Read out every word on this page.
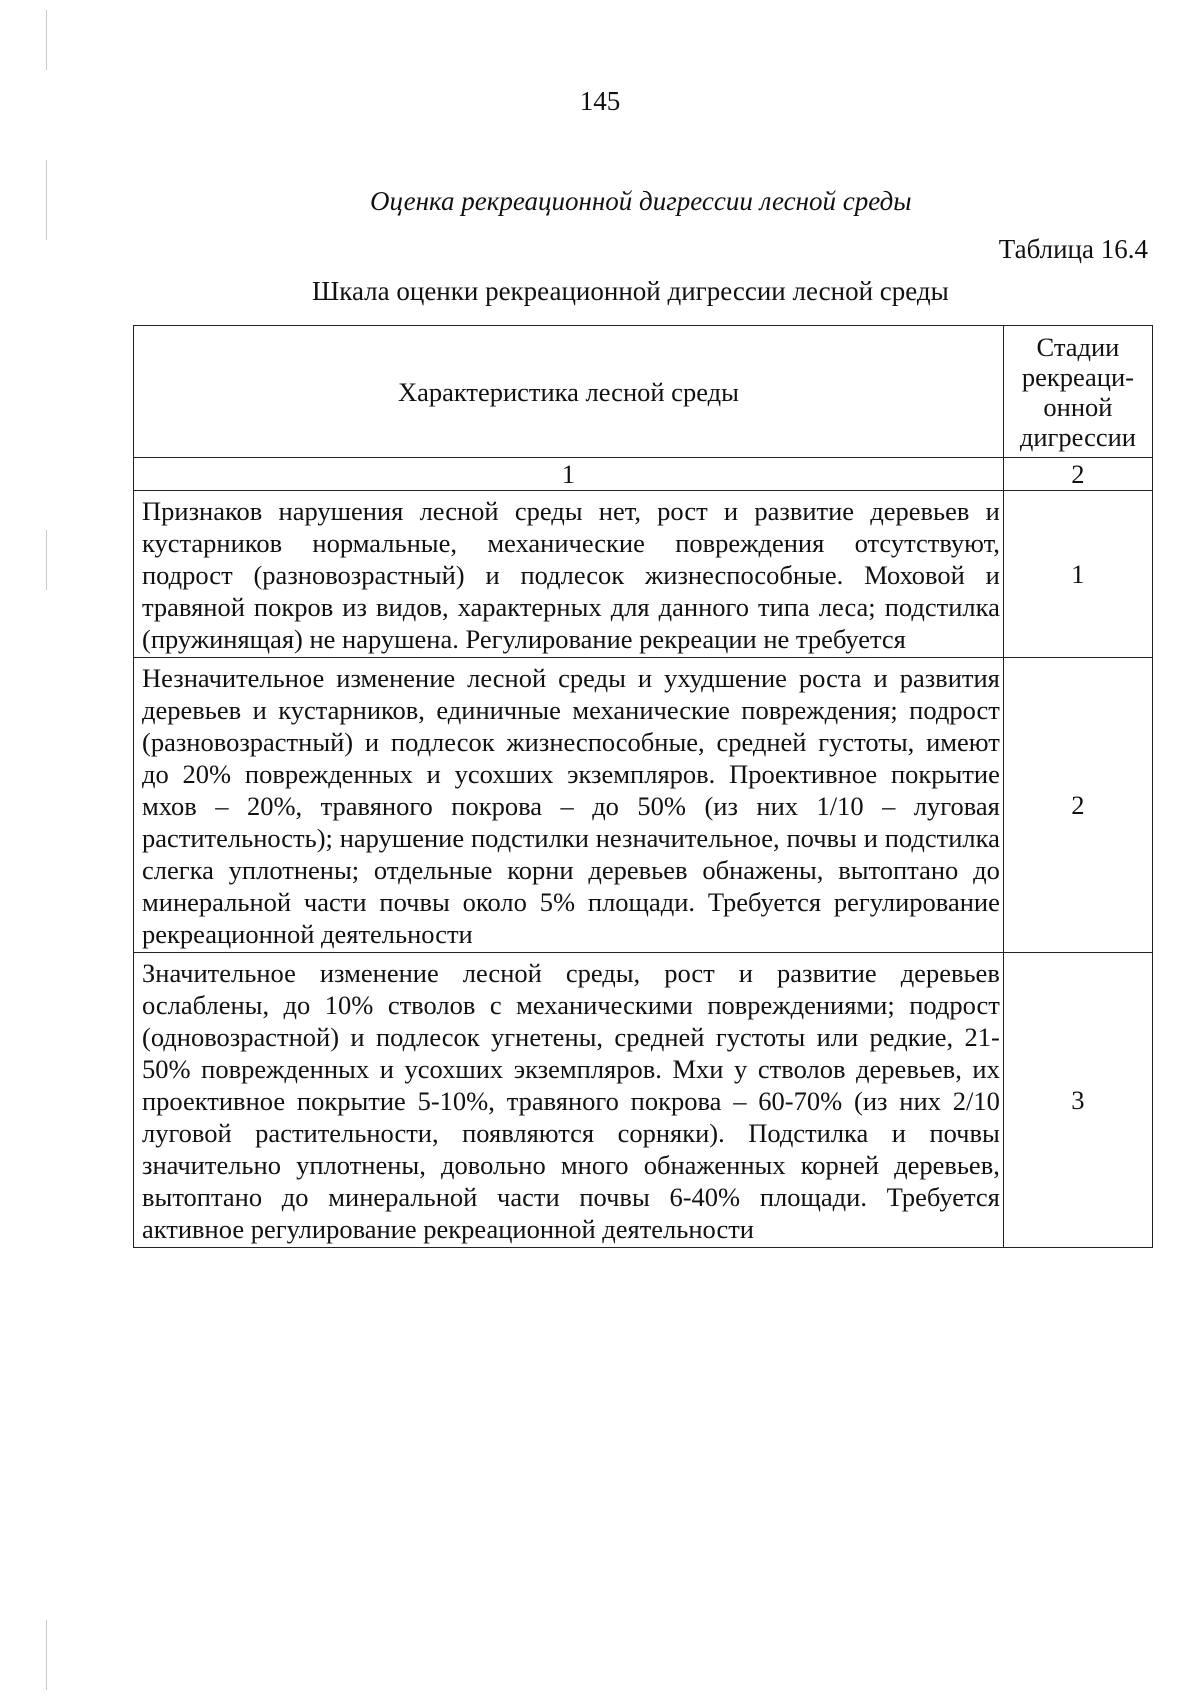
145
Оценка рекреационной дигрессии лесной среды
Таблица 16.4
Шкала оценки рекреационной дигрессии лесной среды
Характеристика лесной среды	Стадии рекреаци-онной дигрессии
1	2
Признаков нарушения лесной среды нет, рост и развитие деревьев и кустарников нормальные, механические повреждения отсутствуют, подрост (разновозрастный) и подлесок жизнеспособные. Моховой и травяной покров из видов, характерных для данного типа леса; подстилка (пружинящая) не нарушена. Регулирование рекреации не требуется	1
Незначительное изменение лесной среды и ухудшение роста и развития деревьев и кустарников, единичные механические повреждения; подрост (разновозрастный) и подлесок жизнеспособные, средней густоты, имеют до 20% поврежденных и усохших экземпляров. Проективное покрытие мхов – 20%, травяного покрова – до 50% (из них 1/10 – луговая растительность); нарушение подстилки незначительное, почвы и подстилка слегка уплотнены; отдельные корни деревьев обнажены, вытоптано до минеральной части почвы около 5% площади. Требуется регулирование рекреационной деятельности	2
Значительное изменение лесной среды, рост и развитие деревьев ослаблены, до 10% стволов с механическими повреждениями; подрост (одновозрастной) и подлесок угнетены, средней густоты или редкие, 21-50% поврежденных и усохших экземпляров. Мхи у стволов деревьев, их проективное покрытие 5-10%, травяного покрова – 60-70% (из них 2/10 луговой растительности, появляются сорняки). Подстилка и почвы значительно уплотнены, довольно много обнаженных корней деревьев, вытоптано до минеральной части почвы 6-40% площади. Требуется активное регулирование рекреационной деятельности	3
